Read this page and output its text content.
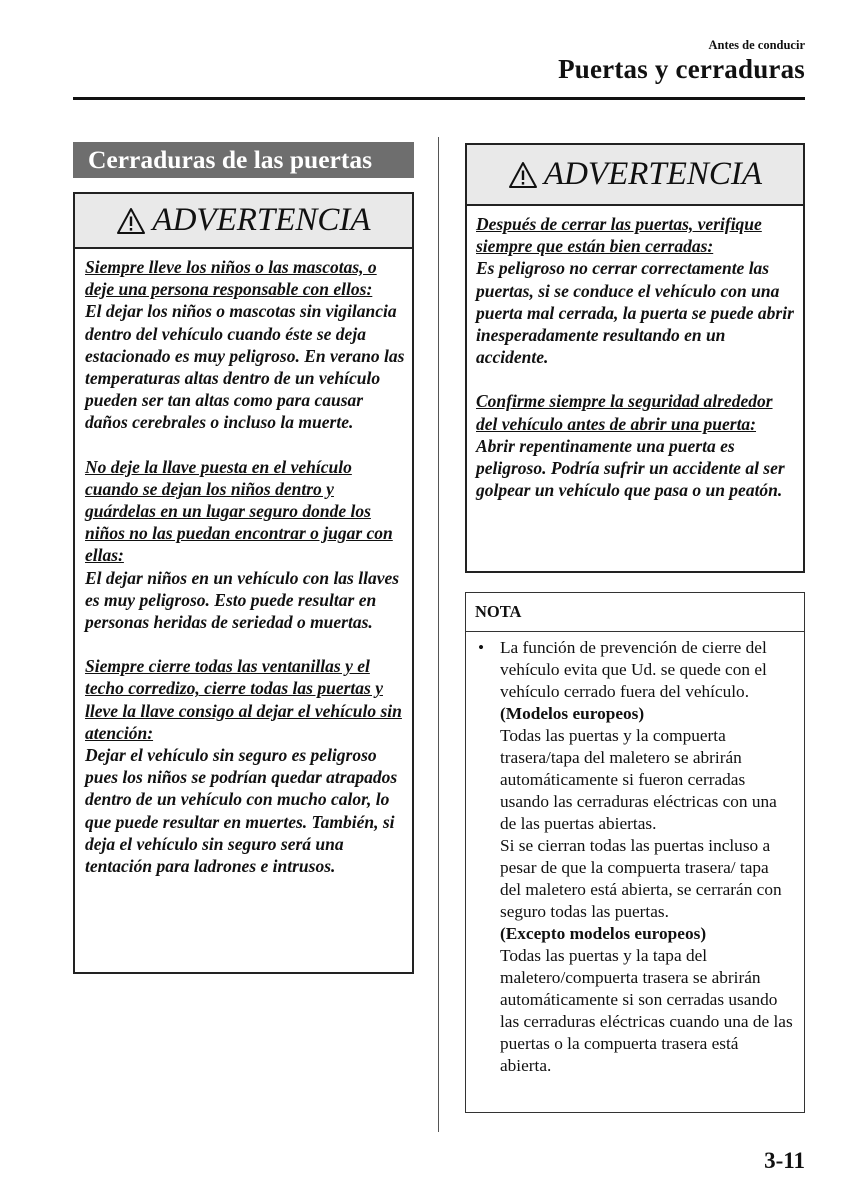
Antes de conducir
Puertas y cerraduras
Cerraduras de las puertas
ADVERTENCIA
Siempre lleve los niños o las mascotas, o deje una persona responsable con ellos:
El dejar los niños o mascotas sin vigilancia dentro del vehículo cuando éste se deja estacionado es muy peligroso. En verano las temperaturas altas dentro de un vehículo pueden ser tan altas como para causar daños cerebrales o incluso la muerte.
No deje la llave puesta en el vehículo cuando se dejan los niños dentro y guárdelas en un lugar seguro donde los niños no las puedan encontrar o jugar con ellas:
El dejar niños en un vehículo con las llaves es muy peligroso. Esto puede resultar en personas heridas de seriedad o muertas.
Siempre cierre todas las ventanillas y el techo corredizo, cierre todas las puertas y lleve la llave consigo al dejar el vehículo sin atención:
Dejar el vehículo sin seguro es peligroso pues los niños se podrían quedar atrapados dentro de un vehículo con mucho calor, lo que puede resultar en muertes. También, si deja el vehículo sin seguro será una tentación para ladrones e intrusos.
ADVERTENCIA
Después de cerrar las puertas, verifique siempre que están bien cerradas:
Es peligroso no cerrar correctamente las puertas, si se conduce el vehículo con una puerta mal cerrada, la puerta se puede abrir inesperadamente resultando en un accidente.
Confirme siempre la seguridad alrededor del vehículo antes de abrir una puerta:
Abrir repentinamente una puerta es peligroso. Podría sufrir un accidente al ser golpear un vehículo que pasa o un peatón.
NOTA
• La función de prevención de cierre del vehículo evita que Ud. se quede con el vehículo cerrado fuera del vehículo.
(Modelos europeos)
Todas las puertas y la compuerta trasera/tapa del maletero se abrirán automáticamente si fueron cerradas usando las cerraduras eléctricas con una de las puertas abiertas.
Si se cierran todas las puertas incluso a pesar de que la compuerta trasera/ tapa del maletero está abierta, se cerrarán con seguro todas las puertas.
(Excepto modelos europeos)
Todas las puertas y la tapa del maletero/compuerta trasera se abrirán automáticamente si son cerradas usando las cerraduras eléctricas cuando una de las puertas o la compuerta trasera está abierta.
3-11
